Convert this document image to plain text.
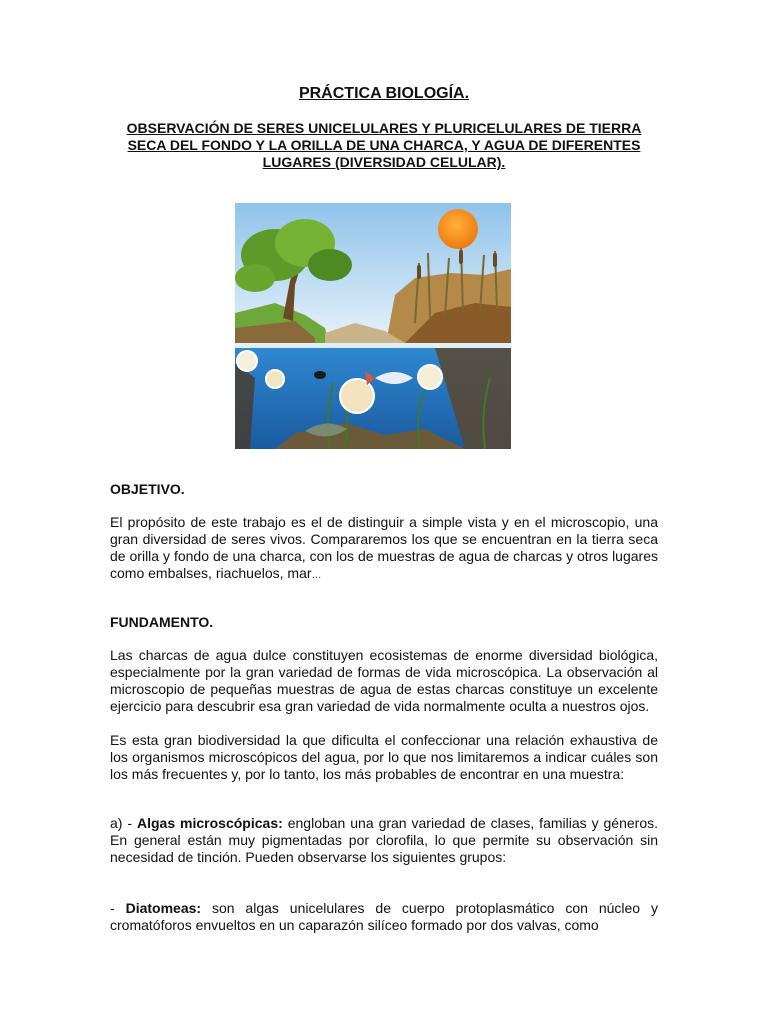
PRÁCTICA BIOLOGÍA.
OBSERVACIÓN DE SERES UNICELULARES Y PLURICELULARES DE TIERRA SECA DEL FONDO Y LA ORILLA DE UNA CHARCA, Y AGUA DE DIFERENTES LUGARES (DIVERSIDAD CELULAR).
OBJETIVO.
El propósito de este trabajo es el de distinguir a simple vista y en el microscopio, una gran diversidad de seres vivos. Compararemos los que se encuentran en la tierra seca de orilla y fondo de una charca, con los de muestras de agua de charcas y otros lugares como embalses, riachuelos, mar…
FUNDAMENTO.
Las charcas de agua dulce constituyen ecosistemas de enorme diversidad biológica, especialmente por la gran variedad de formas de vida microscópica. La observación al microscopio de pequeñas muestras de agua de estas charcas constituye un excelente ejercicio para descubrir esa gran variedad de vida normalmente oculta a nuestros ojos.
Es esta gran biodiversidad la que dificulta el confeccionar una relación exhaustiva de los organismos microscópicos del agua, por lo que nos limitaremos a indicar cuáles son los más frecuentes y, por lo tanto, los más probables de encontrar en una muestra:
a) - Algas microscópicas: engloban una gran variedad de clases, familias y géneros. En general están muy pigmentadas por clorofila, lo que permite su observación sin necesidad de tinción. Pueden observarse los siguientes grupos:
- Diatomeas: son algas unicelulares de cuerpo protoplasmático con núcleo y cromatóforos envueltos en un caparazón silíceo formado por dos valvas, como
